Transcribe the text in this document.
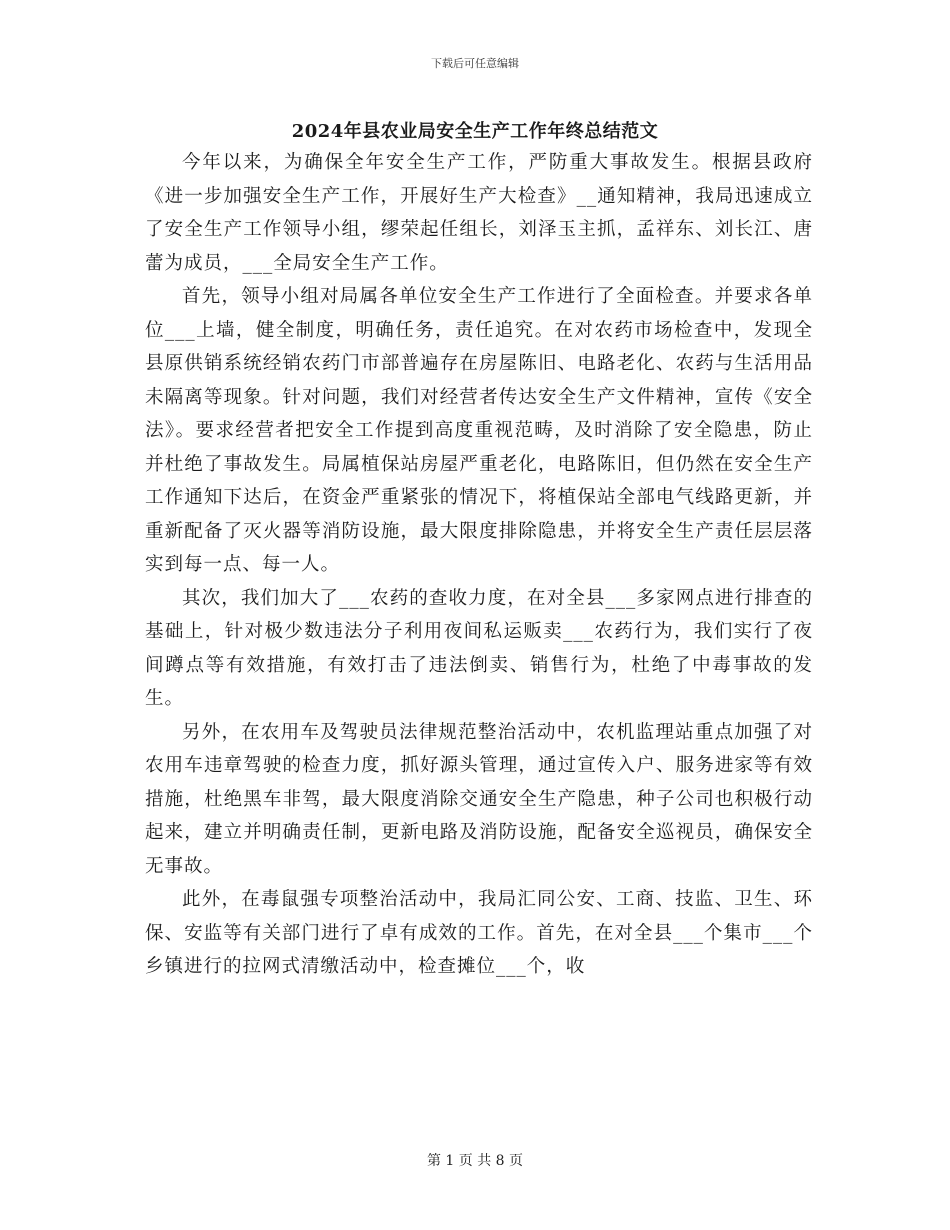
下载后可任意编辑
2024年县农业局安全生产工作年终总结范文

今年以来，为确保全年安全生产工作，严防重大事故发生。根据县政府《进一步加强安全生产工作，开展好生产大检查》__通知精神，我局迅速成立了安全生产工作领导小组，缪荣起任组长，刘泽玉主抓，孟祥东、刘长江、唐蕾为成员，___全局安全生产工作。

首先，领导小组对局属各单位安全生产工作进行了全面检查。并要求各单位___上墙，健全制度，明确任务，责任追究。在对农药市场检查中，发现全县原供销系统经销农药门市部普遍存在房屋陈旧、电路老化、农药与生活用品未隔离等现象。针对问题，我们对经营者传达安全生产文件精神，宣传《安全法》。要求经营者把安全工作提到高度重视范畴，及时消除了安全隐患，防止并杜绝了事故发生。局属植保站房屋严重老化，电路陈旧，但仍然在安全生产工作通知下达后，在资金严重紧张的情况下，将植保站全部电气线路更新，并重新配备了灭火器等消防设施，最大限度排除隐患，并将安全生产责任层层落实到每一点、每一人。

其次，我们加大了___农药的查收力度，在对全县___多家网点进行排查的基础上，针对极少数违法分子利用夜间私运贩卖___农药行为，我们实行了夜间蹲点等有效措施，有效打击了违法倒卖、销售行为，杜绝了中毒事故的发生。

另外，在农用车及驾驶员法律规范整治活动中，农机监理站重点加强了对农用车违章驾驶的检查力度，抓好源头管理，通过宣传入户、服务进家等有效措施，杜绝黑车非驾，最大限度消除交通安全生产隐患，种子公司也积极行动起来，建立并明确责任制，更新电路及消防设施，配备安全巡视员，确保安全无事故。

此外，在毒鼠强专项整治活动中，我局汇同公安、工商、技监、卫生、环保、安监等有关部门进行了卓有成效的工作。首先，在对全县___个集市___个乡镇进行的拉网式清缴活动中，检查摊位___个，收

第 1 页 共 8 页
